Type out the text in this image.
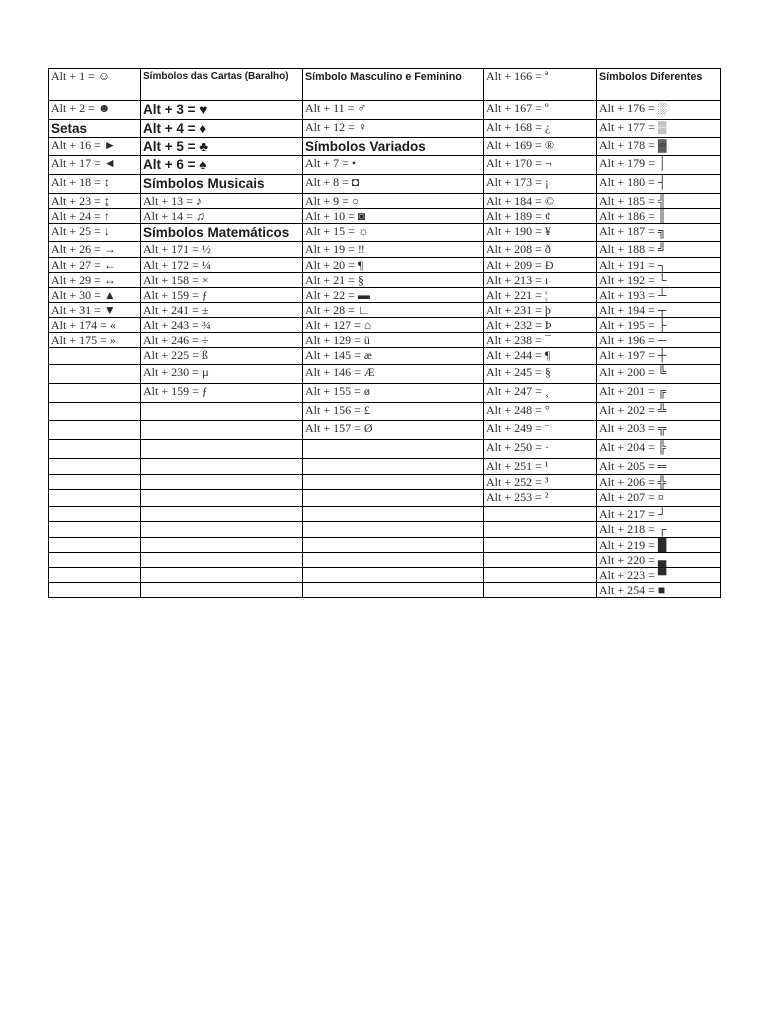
Alt + 1 = ☺	Símbolos das Cartas (Baralho)	Símbolo Masculino e Feminino	Alt + 166 = ª	Símbolos Diferentes

Alt + 2 = ☻	Alt + 3 = ♥	Alt + 11 = ♂	Alt + 167 = º	Alt + 176 = ░

Setas	Alt + 4 = ♦	Alt + 12 = ♀	Alt + 168 = ¿	Alt + 177 = ▒

Alt + 16 = ►	Alt + 5 = ♣	Símbolos Variados	Alt + 169 = ®	Alt + 178 = ▓

Alt + 17 = ◄	Alt + 6 = ♠	Alt + 7 = •	Alt + 170 = ¬	Alt + 179 = │

Alt + 18 = ↕	Símbolos Musicais	Alt + 8 = ◘	Alt + 173 = ¡	Alt + 180 = ┤

Alt + 23 = ↨	Alt + 13 = ♪	Alt + 9 = ○	Alt + 184 = ©	Alt + 185 = ╣

Alt + 24 = ↑	Alt + 14 = ♫	Alt + 10 = ◙	Alt + 189 = ¢	Alt + 186 = ║

Alt + 25 = ↓	Símbolos Matemáticos	Alt + 15 = ☼	Alt + 190 = ¥	Alt + 187 = ╗

Alt + 26 = →	Alt + 171 = ½	Alt + 19 = ‼	Alt + 208 = ð	Alt + 188 = ╝

Alt + 27 = ←	Alt + 172 = ¼	Alt + 20 = ¶	Alt + 209 = Ð	Alt + 191 = ┐

Alt + 29 = ↔	Alt + 158 = ×	Alt + 21 = §	Alt + 213 = ı	Alt + 192 = └

Alt + 30 = ▲	Alt + 159 = ƒ	Alt + 22 = ▬	Alt + 221 = ¦	Alt + 193 = ┴

Alt + 31 = ▼	Alt + 241 = ±	Alt + 28 = ∟	Alt + 231 = þ	Alt + 194 = ┬

Alt + 174 = «	Alt + 243 = ¾	Alt + 127 = ⌂	Alt + 232 = Þ	Alt + 195 = ├

Alt + 175 = »	Alt + 246 = ÷	Alt + 129 = ü	Alt + 238 = ¯	Alt + 196 = ─

	Alt + 225 = ß	Alt + 145 = æ	Alt + 244 = ¶	Alt + 197 = ┼

	Alt + 230 = µ	Alt + 146 = Æ	Alt + 245 = §	Alt + 200 = ╚

	Alt + 159 = ƒ	Alt + 155 = ø	Alt + 247 = ¸	Alt + 201 = ╔

		Alt + 156 = £	Alt + 248 = °	Alt + 202 = ╩

		Alt + 157 = Ø	Alt + 249 = ¨	Alt + 203 = ╦

			Alt + 250 = ·	Alt + 204 = ╠

			Alt + 251 = ¹	Alt + 205 = ═

			Alt + 252 = ³	Alt + 206 = ╬

			Alt + 253 = ²	Alt + 207 = ¤

				Alt + 217 = ┘

				Alt + 218 = ┌

				Alt + 219 = █

				Alt + 220 = ▄

				Alt + 223 = ▀

				Alt + 254 = ■
